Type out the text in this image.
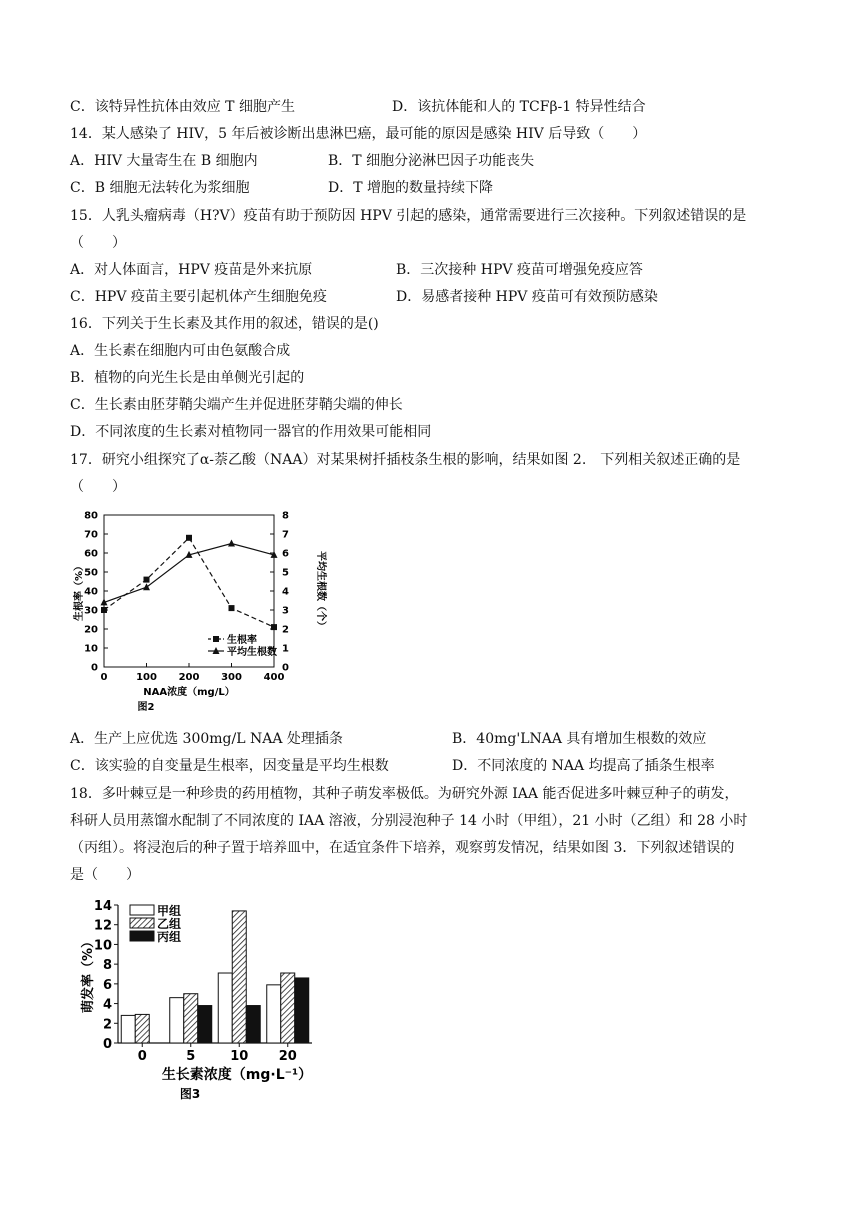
C．该特异性抗体由效应 T 细胞产生	D．该抗体能和人的 TCFβ-1 特异性结合
14．某人感染了 HIV，5 年后被诊断出患淋巴癌，最可能的原因是感染 HIV 后导致（　　）
A．HIV 大量寄生在 B 细胞内	B．T 细胞分泌淋巴因子功能丧失
C．B 细胞无法转化为浆细胞	D．T 增胞的数量持续下降
15．人乳头瘤病毒（H?V）疫苗有助于预防因 HPV 引起的感染，通常需要进行三次接种。下列叙述错误的是
（　　）
A．对人体面言，HPV 疫苗是外来抗原	B．三次接种 HPV 疫苗可增强免疫应答
C．HPV 疫苗主要引起机体产生细胞免疫	D．易感者接种 HPV 疫苗可有效预防感染
16．下列关于生长素及其作用的叙述，错误的是()
A．生长素在细胞内可由色氨酸合成
B．植物的向光生长是由单侧光引起的
C．生长素由胚芽鞘尖端产生并促进胚芽鞘尖端的伸长
D．不同浓度的生长素对植物同一器官的作用效果可能相同
17．研究小组探究了α-萘乙酸（NAA）对某果树扦插枝条生根的影响，结果如图 2.　下列相关叙述正确的是
（　　）
0
10
20
30
40
50
60
70
80
0
1
2
3
4
5
6
7
8
0	100 200 300 400
生根率（%）	平均生根数（个）
NAA浓度（mg/L）
图2
生根率
平均生根数
A．生产上应优选 300mg/L NAA 处理插条	B．40mg'LNAA 具有增加生根数的效应
C．该实验的自变量是生根率，因变量是平均生根数	D．不同浓度的 NAA 均提高了插条生根率
18．多叶棘豆是一种珍贵的药用植物，其种子萌发率极低。为研究外源 IAA 能否促进多叶棘豆种子的萌发，
科研人员用蒸馏水配制了不同浓度的 IAA 溶液，分别浸泡种子 14 小时（甲组），21 小时（乙组）和 28 小时
（丙组）。将浸泡后的种子置于培养皿中，在适宜条件下培养，观察剪发情况，结果如图 3．下列叙述错误的
是（　　）
0
2
4
6
8
10
12
14
萌发率（%）
0	5	10 20
生长素浓度（mg·L⁻¹）
图3
甲组
乙组
丙组
